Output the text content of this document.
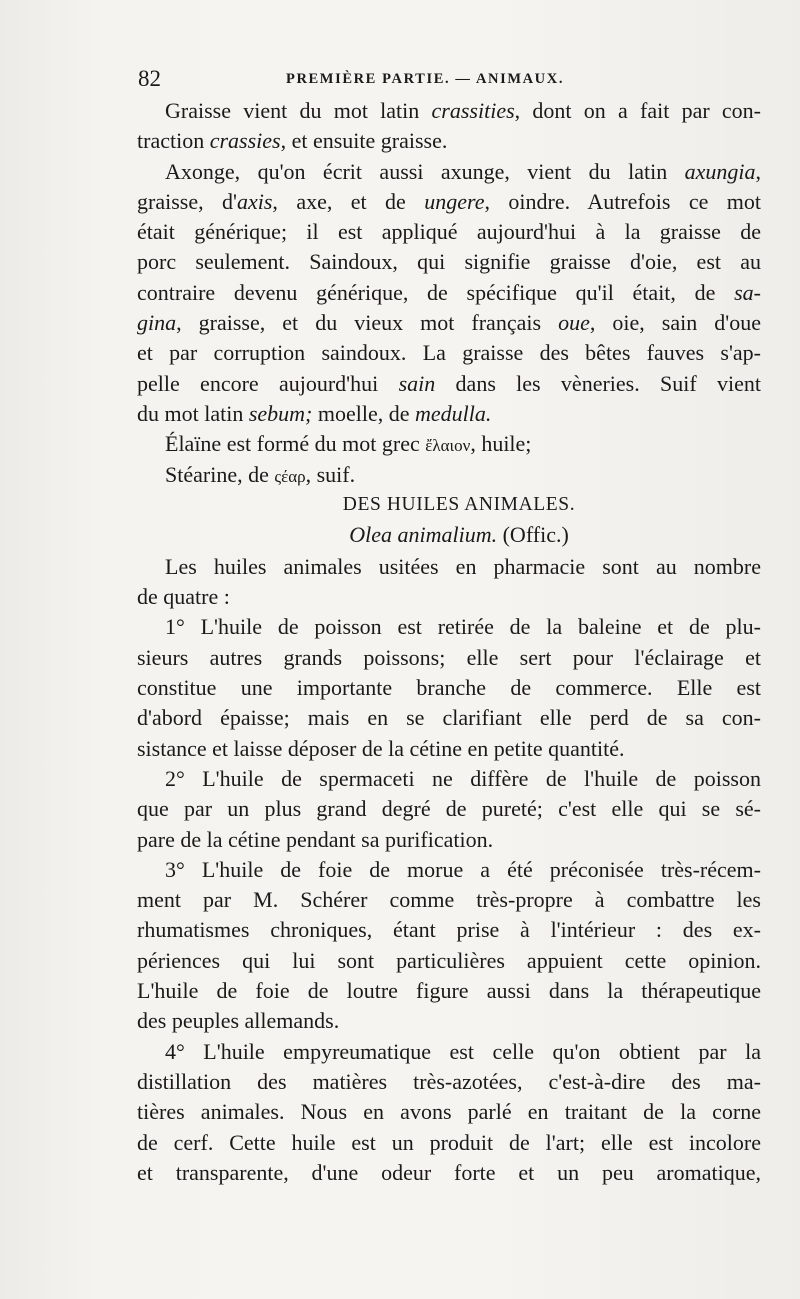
82	PREMIÈRE PARTIE. — ANIMAUX.
Graisse vient du mot latin crassities, dont on a fait par con-
traction crassies, et ensuite graisse.
Axonge, qu'on écrit aussi axunge, vient du latin axungia,
graisse, d'axis, axe, et de ungere, oindre. Autrefois ce mot
était générique; il est appliqué aujourd'hui à la graisse de
porc seulement. Saindoux, qui signifie graisse d'oie, est au
contraire devenu générique, de spécifique qu'il était, de sa-
gina, graisse, et du vieux mot français oue, oie, sain d'oue
et par corruption saindoux. La graisse des bêtes fauves s'ap-
pelle encore aujourd'hui sain dans les vèneries. Suif vient
du mot latin sebum; moelle, de medulla.
Élaïne est formé du mot grec ἔλαιον, huile;
Stéarine, de ςέαρ, suif.
DES HUILES ANIMALES.
Olea animalium. (Offic.)
Les huiles animales usitées en pharmacie sont au nombre
de quatre :
1° L'huile de poisson est retirée de la baleine et de plu-
sieurs autres grands poissons; elle sert pour l'éclairage et
constitue une importante branche de commerce. Elle est
d'abord épaisse; mais en se clarifiant elle perd de sa con-
sistance et laisse déposer de la cétine en petite quantité.
2° L'huile de spermaceti ne diffère de l'huile de poisson
que par un plus grand degré de pureté; c'est elle qui se sé-
pare de la cétine pendant sa purification.
3° L'huile de foie de morue a été préconisée très-récem-
ment par M. Schérer comme très-propre à combattre les
rhumatismes chroniques, étant prise à l'intérieur : des ex-
périences qui lui sont particulières appuient cette opinion.
L'huile de foie de loutre figure aussi dans la thérapeutique
des peuples allemands.
4° L'huile empyreumatique est celle qu'on obtient par la
distillation des matières très-azotées, c'est-à-dire des ma-
tières animales. Nous en avons parlé en traitant de la corne
de cerf. Cette huile est un produit de l'art; elle est incolore
et transparente, d'une odeur forte et un peu aromatique,
